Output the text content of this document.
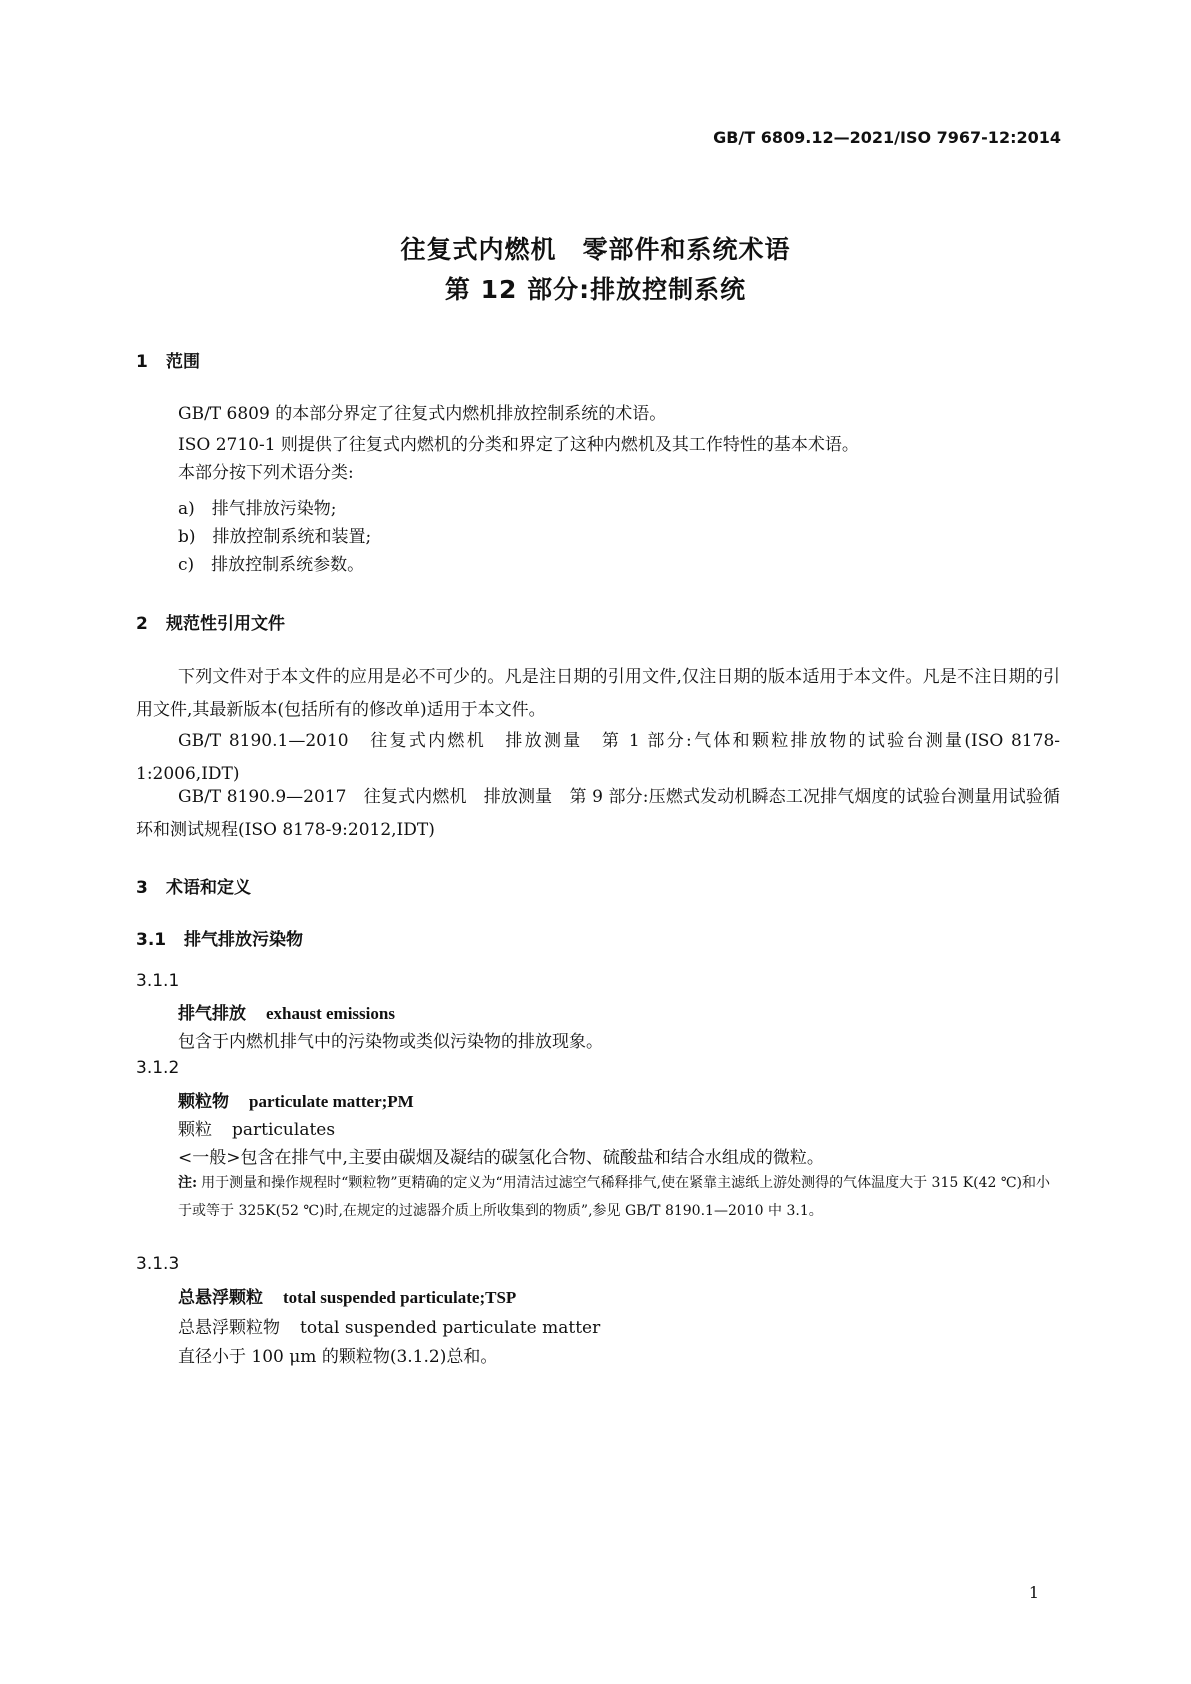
GB/T 6809.12—2021/ISO 7967-12:2014
往复式内燃机　零部件和系统术语
第 12 部分:排放控制系统
1 范围
GB/T 6809 的本部分界定了往复式内燃机排放控制系统的术语。
ISO 2710-1 则提供了往复式内燃机的分类和界定了这种内燃机及其工作特性的基本术语。
本部分按下列术语分类:
a)　排气排放污染物;
b)　排放控制系统和装置;
c)　排放控制系统参数。
2 规范性引用文件
下列文件对于本文件的应用是必不可少的。凡是注日期的引用文件,仅注日期的版本适用于本文件。凡是不注日期的引用文件,其最新版本(包括所有的修改单)适用于本文件。
GB/T 8190.1—2010　往复式内燃机　排放测量　第 1 部分:气体和颗粒排放物的试验台测量(ISO 8178-1:2006,IDT)
GB/T 8190.9—2017　往复式内燃机　排放测量　第 9 部分:压燃式发动机瞬态工况排气烟度的试验台测量用试验循环和测试规程(ISO 8178-9:2012,IDT)
3 术语和定义
3.1 排气排放污染物
3.1.1
排气排放 exhaust emissions
包含于内燃机排气中的污染物或类似污染物的排放现象。
3.1.2
颗粒物 particulate matter;PM
颗粒 particulates
<一般>包含在排气中,主要由碳烟及凝结的碳氢化合物、硫酸盐和结合水组成的微粒。
注: 用于测量和操作规程时“颗粒物”更精确的定义为“用清洁过滤空气稀释排气,使在紧靠主滤纸上游处测得的气体温度大于 315 K(42 ℃)和小于或等于 325K(52 ℃)时,在规定的过滤器介质上所收集到的物质”,参见 GB/T 8190.1—2010 中 3.1。
3.1.3
总悬浮颗粒 total suspended particulate;TSP
总悬浮颗粒物 total suspended particulate matter
直径小于 100 μm 的颗粒物(3.1.2)总和。
1
